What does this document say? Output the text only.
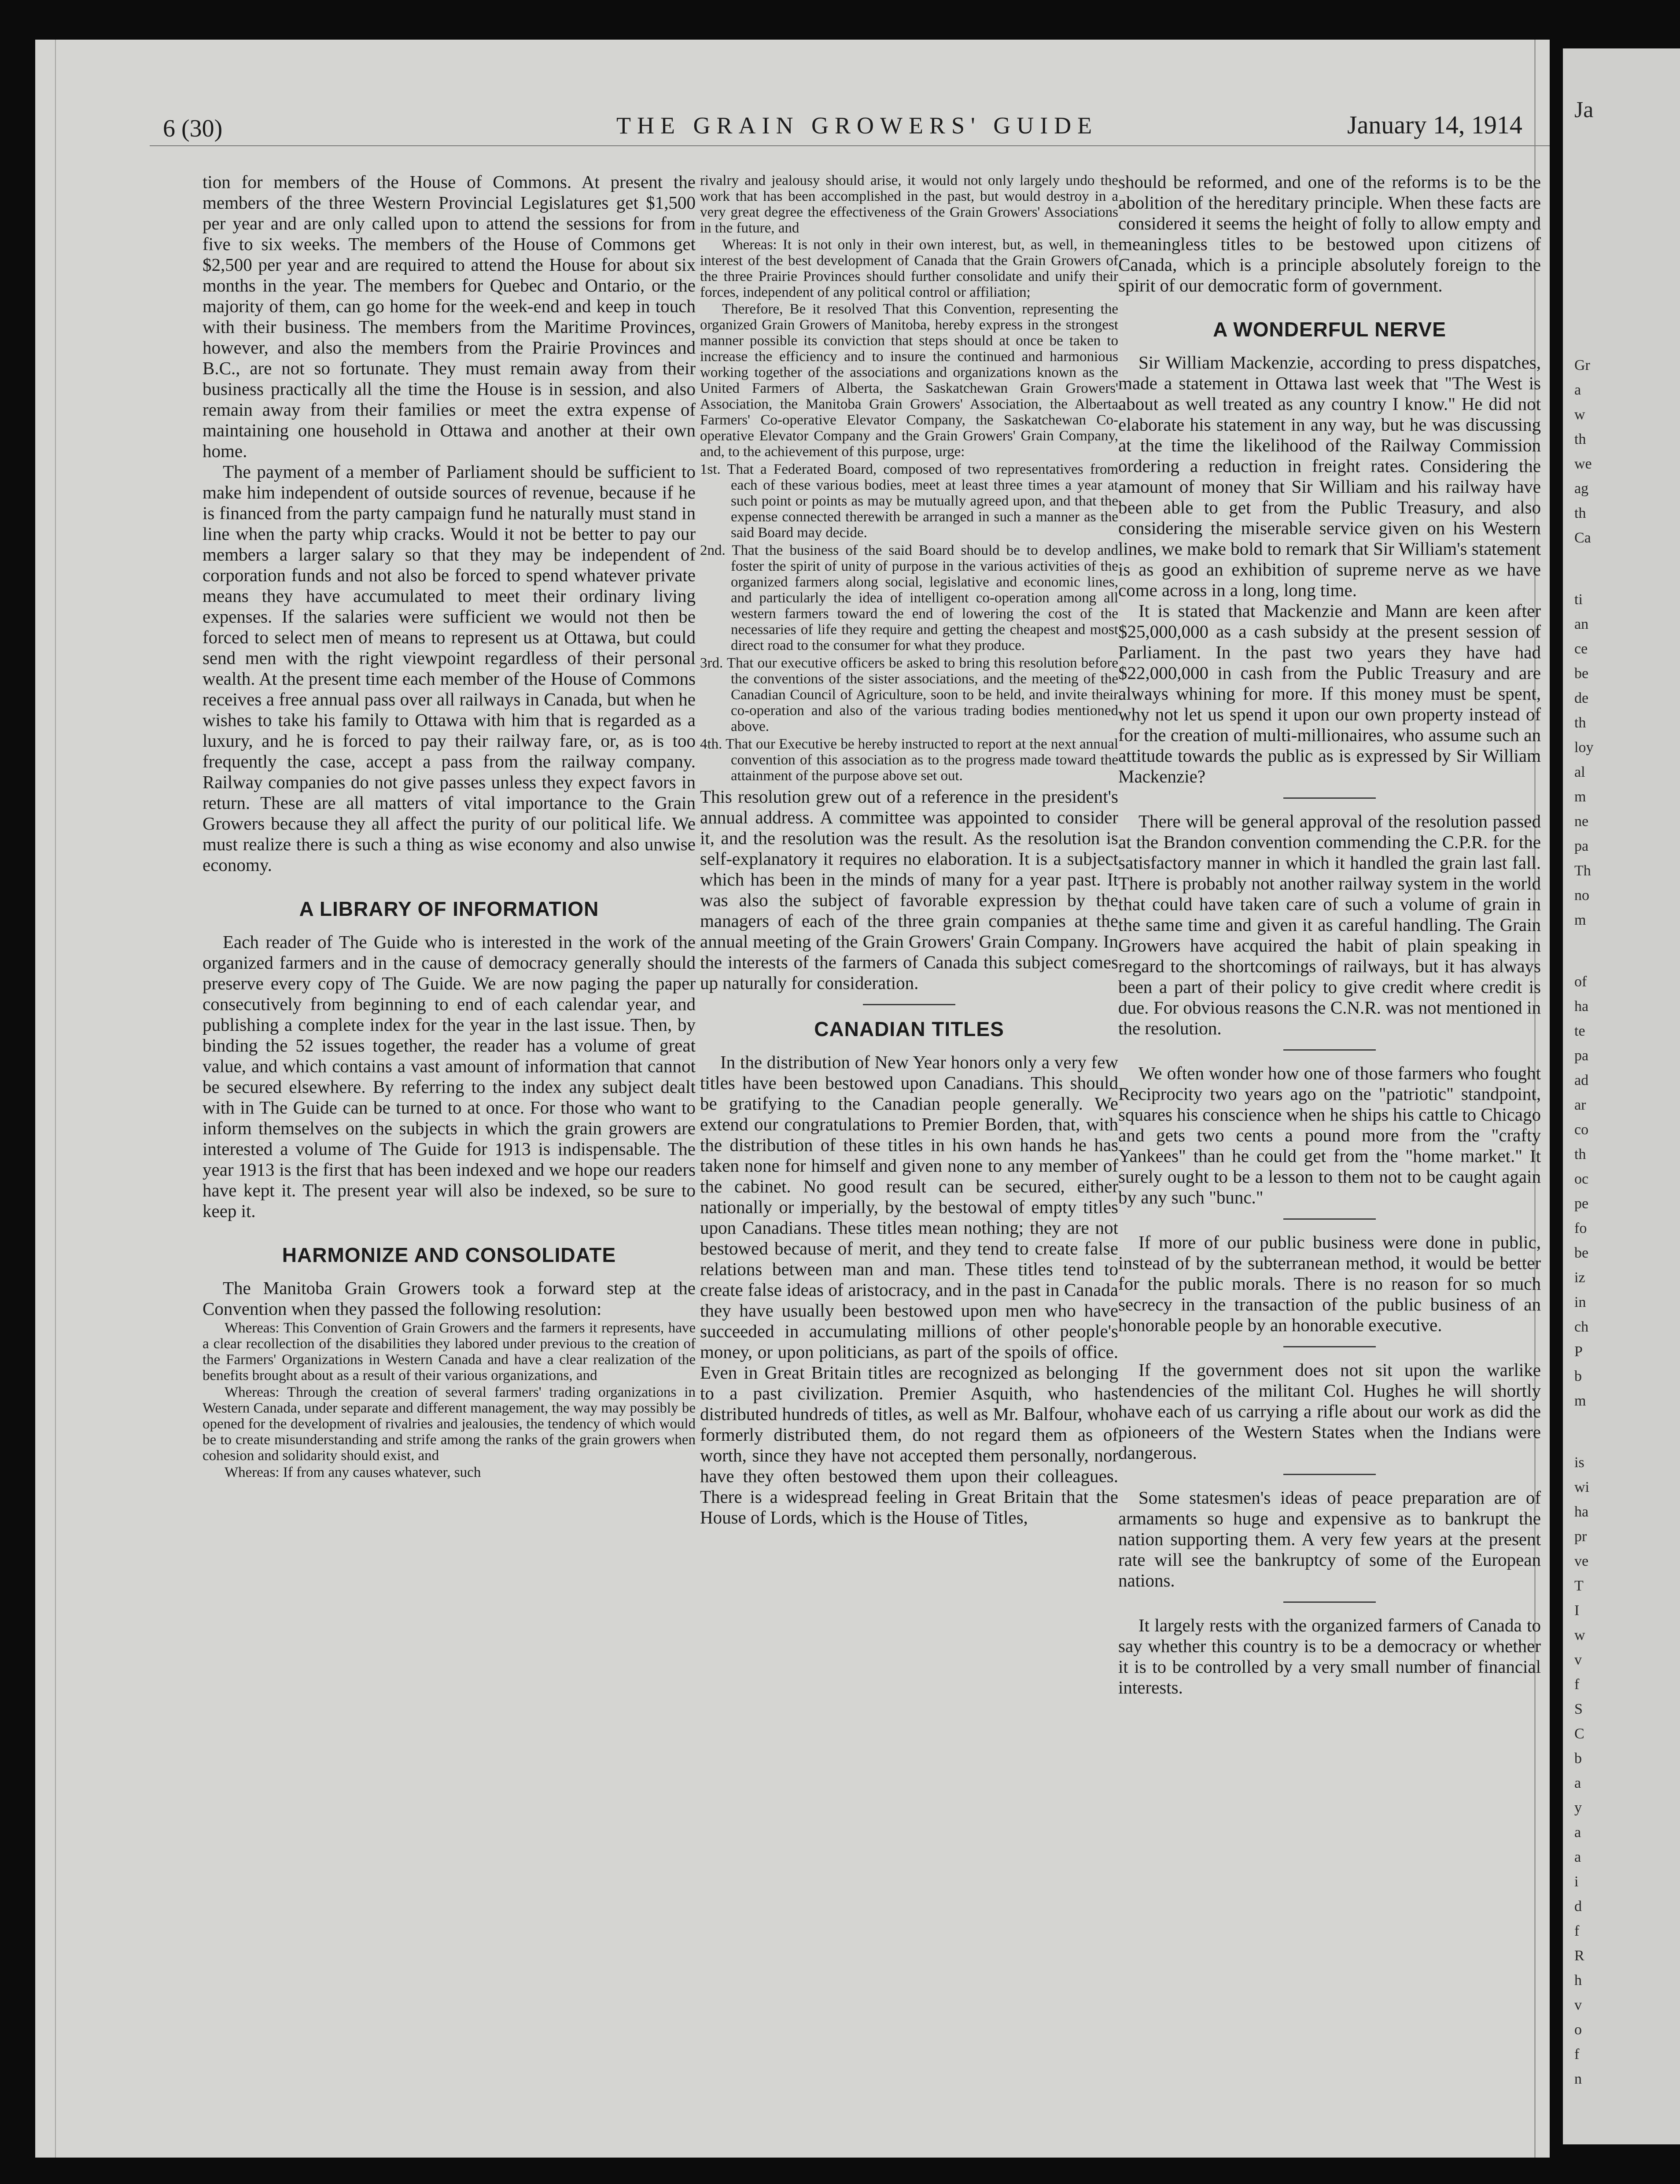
6 (30)	THE GRAIN GROWERS' GUIDE	January 14, 1914

tion for members of the House of Commons. At present the members of the three Western Provincial Legislatures get $1,500 per year and are only called upon to attend the sessions for from five to six weeks. The members of the House of Commons get $2,500 per year and are required to attend the House for about six months in the year. The members for Quebec and Ontario, or the majority of them, can go home for the week-end and keep in touch with their business. The members from the Maritime Provinces, however, and also the members from the Prairie Provinces and B.C., are not so fortunate. They must remain away from their business practically all the time the House is in session, and also remain away from their families or meet the extra expense of maintaining one household in Ottawa and another at their own home.

The payment of a member of Parliament should be sufficient to make him independent of outside sources of revenue, because if he is financed from the party campaign fund he naturally must stand in line when the party whip cracks. Would it not be better to pay our members a larger salary so that they may be independent of corporation funds and not also be forced to spend whatever private means they have accumulated to meet their ordinary living expenses. If the salaries were sufficient we would not then be forced to select men of means to represent us at Ottawa, but could send men with the right viewpoint regardless of their personal wealth. At the present time each member of the House of Commons receives a free annual pass over all railways in Canada, but when he wishes to take his family to Ottawa with him that is regarded as a luxury, and he is forced to pay their railway fare, or, as is too frequently the case, accept a pass from the railway company. Railway companies do not give passes unless they expect favors in return. These are all matters of vital importance to the Grain Growers because they all affect the purity of our political life. We must realize there is such a thing as wise economy and also unwise economy.

A LIBRARY OF INFORMATION

Each reader of The Guide who is interested in the work of the organized farmers and in the cause of democracy generally should preserve every copy of The Guide. We are now paging the paper consecutively from beginning to end of each calendar year, and publishing a complete index for the year in the last issue. Then, by binding the 52 issues together, the reader has a volume of great value, and which contains a vast amount of information that cannot be secured elsewhere. By referring to the index any subject dealt with in The Guide can be turned to at once. For those who want to inform themselves on the subjects in which the grain growers are interested a volume of The Guide for 1913 is indispensable. The year 1913 is the first that has been indexed and we hope our readers have kept it. The present year will also be indexed, so be sure to keep it.

HARMONIZE AND CONSOLIDATE

The Manitoba Grain Growers took a forward step at the Convention when they passed the following resolution:

Whereas: This Convention of Grain Growers and the farmers it represents, have a clear recollection of the disabilities they labored under previous to the creation of the Farmers' Organizations in Western Canada and have a clear realization of the benefits brought about as a result of their various organizations, and

Whereas: Through the creation of several farmers' trading organizations in Western Canada, under separate and different management, the way may possibly be opened for the development of rivalries and jealousies, the tendency of which would be to create misunderstanding and strife among the ranks of the grain growers when cohesion and solidarity should exist, and

Whereas: If from any causes whatever, such

rivalry and jealousy should arise, it would not only largely undo the work that has been accomplished in the past, but would destroy in a very great degree the effectiveness of the Grain Growers' Associations in the future, and

Whereas: It is not only in their own interest, but, as well, in the interest of the best development of Canada that the Grain Growers of the three Prairie Provinces should further consolidate and unify their forces, independent of any political control or affiliation;

Therefore, Be it resolved That this Convention, representing the organized Grain Growers of Manitoba, hereby express in the strongest manner possible its conviction that steps should at once be taken to increase the efficiency and to insure the continued and harmonious working together of the associations and organizations known as the United Farmers of Alberta, the Saskatchewan Grain Growers' Association, the Manitoba Grain Growers' Association, the Alberta Farmers' Co-operative Elevator Company, the Saskatchewan Co-operative Elevator Company and the Grain Growers' Grain Company, and, to the achievement of this purpose, urge:

1st. That a Federated Board, composed of two representatives from each of these various bodies, meet at least three times a year at such point or points as may be mutually agreed upon, and that the expense connected therewith be arranged in such a manner as the said Board may decide.

2nd. That the business of the said Board should be to develop and foster the spirit of unity of purpose in the various activities of the organized farmers along social, legislative and economic lines, and particularly the idea of intelligent co-operation among all western farmers toward the end of lowering the cost of the necessaries of life they require and getting the cheapest and most direct road to the consumer for what they produce.

3rd. That our executive officers be asked to bring this resolution before the conventions of the sister associations, and the meeting of the Canadian Council of Agriculture, soon to be held, and invite their co-operation and also of the various trading bodies mentioned above.

4th. That our Executive be hereby instructed to report at the next annual convention of this association as to the progress made toward the attainment of the purpose above set out.

This resolution grew out of a reference in the president's annual address. A committee was appointed to consider it, and the resolution was the result. As the resolution is self-explanatory it requires no elaboration. It is a subject which has been in the minds of many for a year past. It was also the subject of favorable expression by the managers of each of the three grain companies at the annual meeting of the Grain Growers' Grain Company. In the interests of the farmers of Canada this subject comes up naturally for consideration.

CANADIAN TITLES

In the distribution of New Year honors only a very few titles have been bestowed upon Canadians. This should be gratifying to the Canadian people generally. We extend our congratulations to Premier Borden, that, with the distribution of these titles in his own hands he has taken none for himself and given none to any member of the cabinet. No good result can be secured, either nationally or imperially, by the bestowal of empty titles upon Canadians. These titles mean nothing; they are not bestowed because of merit, and they tend to create false relations between man and man. These titles tend to create false ideas of aristocracy, and in the past in Canada they have usually been bestowed upon men who have succeeded in accumulating millions of other people's money, or upon politicians, as part of the spoils of office. Even in Great Britain titles are recognized as belonging to a past civilization. Premier Asquith, who has distributed hundreds of titles, as well as Mr. Balfour, who formerly distributed them, do not regard them as of worth, since they have not accepted them personally, nor have they often bestowed them upon their colleagues. There is a widespread feeling in Great Britain that the House of Lords, which is the House of Titles,

should be reformed, and one of the reforms is to be the abolition of the hereditary principle. When these facts are considered it seems the height of folly to allow empty and meaningless titles to be bestowed upon citizens of Canada, which is a principle absolutely foreign to the spirit of our democratic form of government.

A WONDERFUL NERVE

Sir William Mackenzie, according to press dispatches, made a statement in Ottawa last week that "The West is about as well treated as any country I know." He did not elaborate his statement in any way, but he was discussing at the time the likelihood of the Railway Commission ordering a reduction in freight rates. Considering the amount of money that Sir William and his railway have been able to get from the Public Treasury, and also considering the miserable service given on his Western lines, we make bold to remark that Sir William's statement is as good an exhibition of supreme nerve as we have come across in a long, long time.

It is stated that Mackenzie and Mann are keen after $25,000,000 as a cash subsidy at the present session of Parliament. In the past two years they have had $22,000,000 in cash from the Public Treasury and are always whining for more. If this money must be spent, why not let us spend it upon our own property instead of for the creation of multi-millionaires, who assume such an attitude towards the public as is expressed by Sir William Mackenzie?

There will be general approval of the resolution passed at the Brandon convention commending the C.P.R. for the satisfactory manner in which it handled the grain last fall. There is probably not another railway system in the world that could have taken care of such a volume of grain in the same time and given it as careful handling. The Grain Growers have acquired the habit of plain speaking in regard to the shortcomings of railways, but it has always been a part of their policy to give credit where credit is due. For obvious reasons the C.N.R. was not mentioned in the resolution.

We often wonder how one of those farmers who fought Reciprocity two years ago on the "patriotic" standpoint, squares his conscience when he ships his cattle to Chicago and gets two cents a pound more from the "crafty Yankees" than he could get from the "home market." It surely ought to be a lesson to them not to be caught again by any such "bunc."

If more of our public business were done in public, instead of by the subterranean method, it would be better for the public morals. There is no reason for so much secrecy in the transaction of the public business of an honorable people by an honorable executive.

If the government does not sit upon the warlike tendencies of the militant Col. Hughes he will shortly have each of us carrying a rifle about our work as did the pioneers of the Western States when the Indians were dangerous.

Some statesmen's ideas of peace preparation are of armaments so huge and expensive as to bankrupt the nation supporting them. A very few years at the present rate will see the bankruptcy of some of the European nations.

It largely rests with the organized farmers of Canada to say whether this country is to be a democracy or whether it is to be controlled by a very small number of financial interests.

Ja
Gr
a
w
th
we
ag
th
Ca
ti
an
ce
be
de
th
loy
al
m
ne
pa
Th
no
m
of
ha
te
pa
ad
ar
co
th
oc
pe
fo
be
iz
in
ch
P
b
m
is
wi
ha
pr
ve
T
I
w
v
f
S
C
b
a
y
a
a
i
d
f
R
h
v
o
f
n
